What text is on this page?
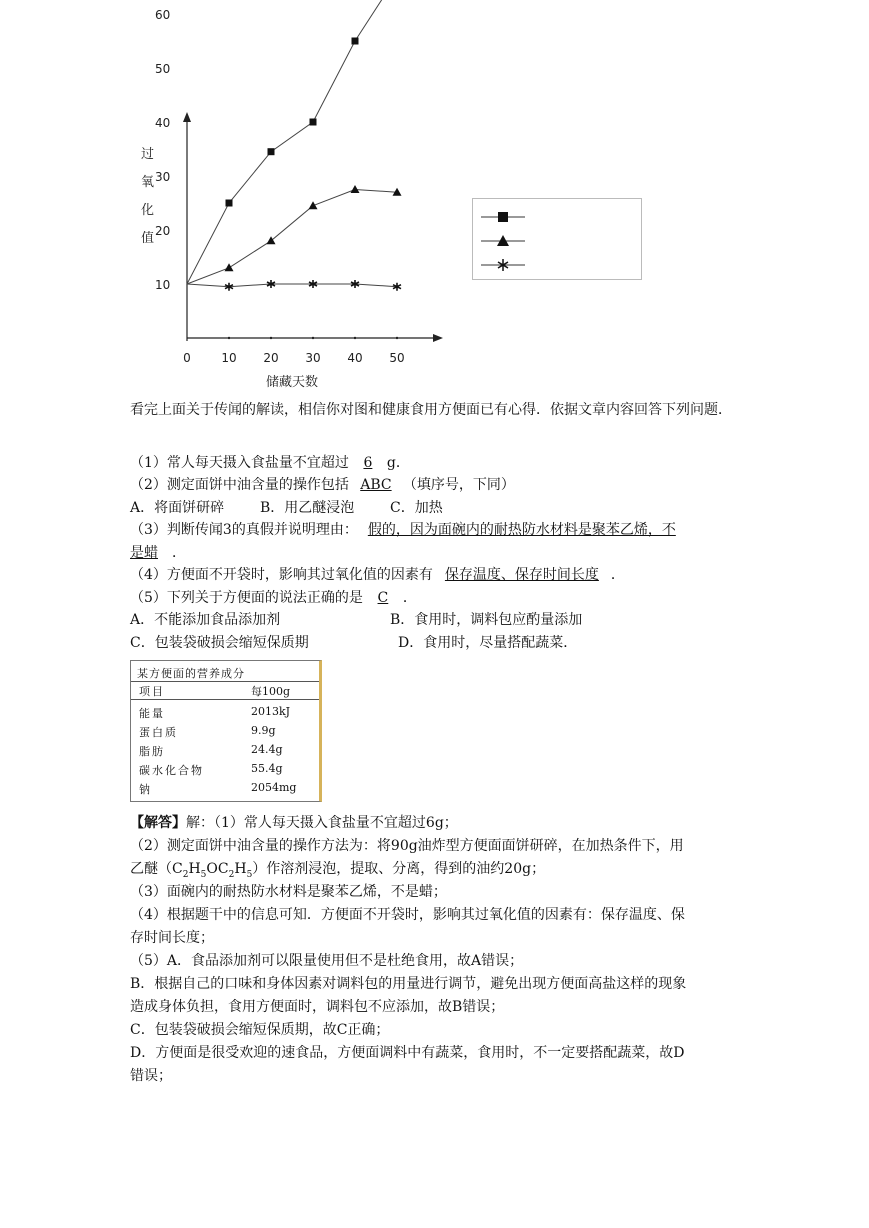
过
氧
化
值
储藏天数
10
20
30
40
50
60
0	10 20 30 40 50
看完上面关于传闻的解读，相信你对图和健康食用方便面已有心得．依据文章内容回答下列问题．
（1）常人每天摄入食盐量不宜超过 6 g．
（2）测定面饼中油含量的操作包括 ABC （填序号，下同）
A．将面饼研碎	B．用乙醚浸泡	C．加热
（3）判断传闻3的真假并说明理由： 假的，因为面碗内的耐热防水材料是聚苯乙烯，不
是蜡 ．
（4）方便面不开袋时，影响其过氧化值的因素有 保存温度、保存时间长度 ．
（5）下列关于方便面的说法正确的是 C ．
A．不能添加食品添加剂	B．食用时，调料包应酌量添加
C．包装袋破损会缩短保质期	D．食用时，尽量搭配蔬菜．
某方便面的营养成分
项目	每100g
能量	2013kJ
蛋白质	9.9g
脂肪	24.4g
碳水化合物	55.4g
钠	2054mg
【解答】解：（1）常人每天摄入食盐量不宜超过6g；
（2）测定面饼中油含量的操作方法为：将90g油炸型方便面面饼研碎，在加热条件下，用
乙醚$(C_2H_5OC_2H_5)$作溶剂浸泡，提取、分离，得到的油约20g；
（3）面碗内的耐热防水材料是聚苯乙烯，不是蜡；
（4）根据题干中的信息可知．方便面不开袋时，影响其过氧化值的因素有：保存温度、保
存时间长度；
（5）A．食品添加剂可以限量使用但不是杜绝食用，故A错误；
B．根据自己的口味和身体因素对调料包的用量进行调节，避免出现方便面高盐这样的现象
造成身体负担，食用方便面时，调料包不应添加，故B错误；
C．包装袋破损会缩短保质期，故C正确；
D．方便面是很受欢迎的速食品，方便面调料中有蔬菜，食用时，不一定要搭配蔬菜，故D
错误；
